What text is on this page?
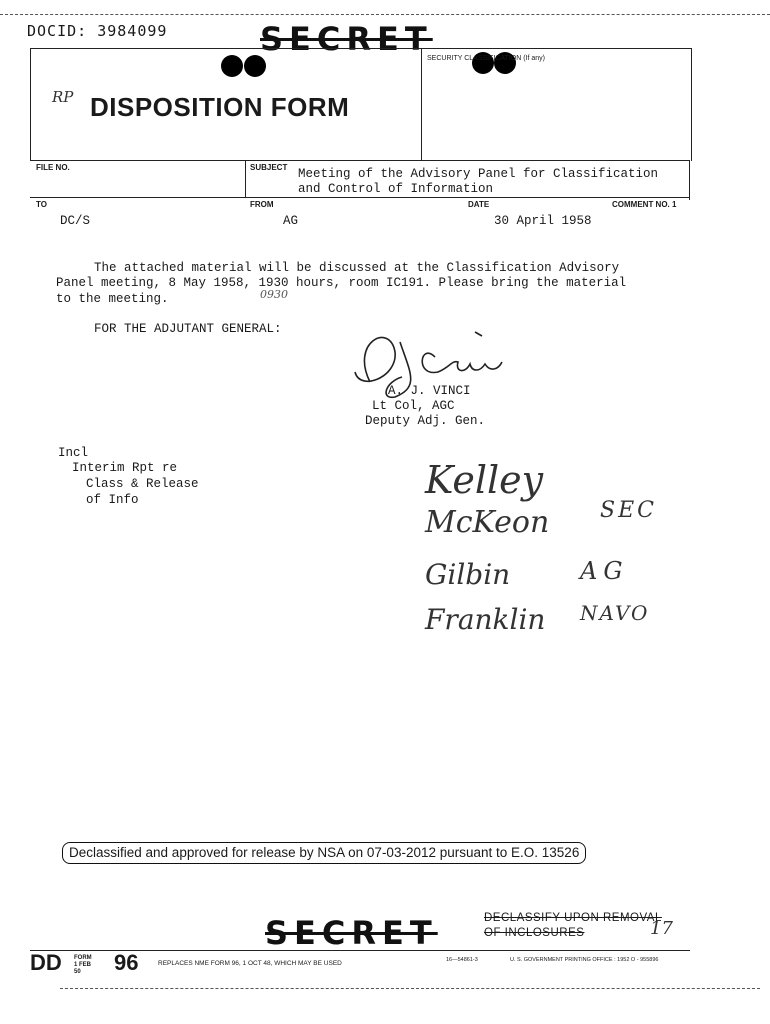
DOCID: 3984099	SECRET
SECURITY CLASSIFICATION (If any)
RP DISPOSITION FORM
FILE NO.	SUBJECT Meeting of the Advisory Panel for Classification and Control of Information
TO	FROM	DATE	COMMENT NO. 1
DC/S	AG	30 April 1958
The attached material will be discussed at the Classification Advisory
Panel meeting, 8 May 1958, 1930 hours, room IC191. Please bring the material
to the meeting.	0930
FOR THE ADJUTANT GENERAL:
A. J. VINCI
Lt Col, AGC
Deputy Adj. Gen.
Incl
Interim Rpt re
Class & Release
of Info	Kelley
McKeon SEC
Gilbin	AG
Franklin NAVO
Declassified and approved for release by NSA on 07-03-2012 pursuant to E.O. 13526
SECRET	DECLASSIFY UPON REMOVAL
OF INCLOSURES	17
DD FORM 1 FEB 50	96	REPLACES NME FORM 96, 1 OCT 48, WHICH MAY BE USED	16—54861-3	U. S. GOVERNMENT PRINTING OFFICE : 1952 O - 955896
